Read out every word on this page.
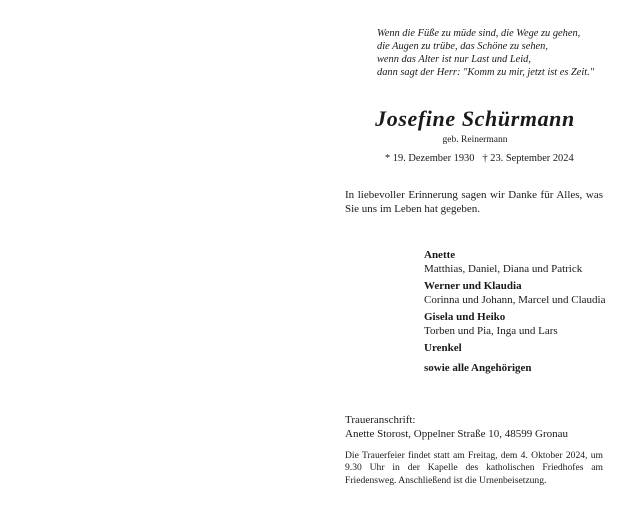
Wenn die Füße zu müde sind, die Wege zu gehen,
die Augen zu trübe, das Schöne zu sehen,
wenn das Alter ist nur Last und Leid,
dann sagt der Herr: "Komm zu mir, jetzt ist es Zeit."
Josefine Schürmann
geb. Reinermann
* 19. Dezember 1930 † 23. September 2024
In liebevoller Erinnerung sagen wir Danke für Alles, was Sie uns im Leben hat gegeben.
Anette
Matthias, Daniel, Diana und Patrick
Werner und Klaudia
Corinna und Johann, Marcel und Claudia
Gisela und Heiko
Torben und Pia, Inga und Lars
Urenkel
sowie alle Angehörigen
Traueranschrift:
Anette Storost, Oppelner Straße 10, 48599 Gronau
Die Trauerfeier findet statt am Freitag, dem 4. Oktober 2024, um 9.30 Uhr in der Kapelle des katholischen Friedhofes am Friedensweg. Anschließend ist die Urnenbeisetzung.
